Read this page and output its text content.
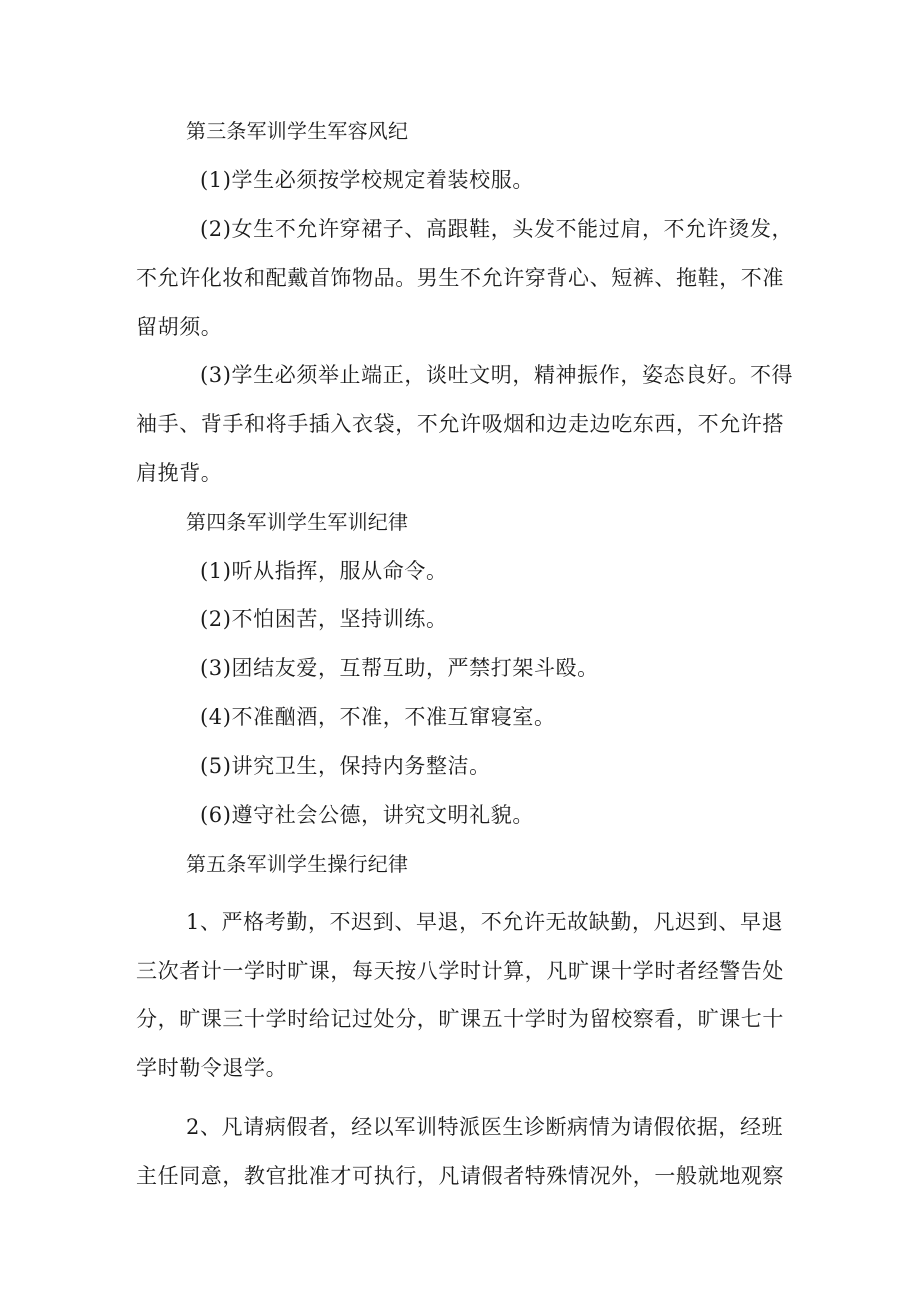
第三条军训学生军容风纪
(1)学生必须按学校规定着装校服。
(2)女生不允许穿裙子、高跟鞋，头发不能过肩，不允许烫发，
不允许化妆和配戴首饰物品。男生不允许穿背心、短裤、拖鞋，不准
留胡须。
(3)学生必须举止端正，谈吐文明，精神振作，姿态良好。不得
袖手、背手和将手插入衣袋，不允许吸烟和边走边吃东西，不允许搭
肩挽背。
第四条军训学生军训纪律
(1)听从指挥，服从命令。
(2)不怕困苦，坚持训练。
(3)团结友爱，互帮互助，严禁打架斗殴。
(4)不准酗酒，不准，不准互窜寝室。
(5)讲究卫生，保持内务整洁。
(6)遵守社会公德，讲究文明礼貌。
第五条军训学生操行纪律
1、严格考勤，不迟到、早退，不允许无故缺勤，凡迟到、早退
三次者计一学时旷课，每天按八学时计算，凡旷课十学时者经警告处
分，旷课三十学时给记过处分，旷课五十学时为留校察看，旷课七十
学时勒令退学。
2、凡请病假者，经以军训特派医生诊断病情为请假依据，经班
主任同意，教官批准才可执行，凡请假者特殊情况外，一般就地观察
